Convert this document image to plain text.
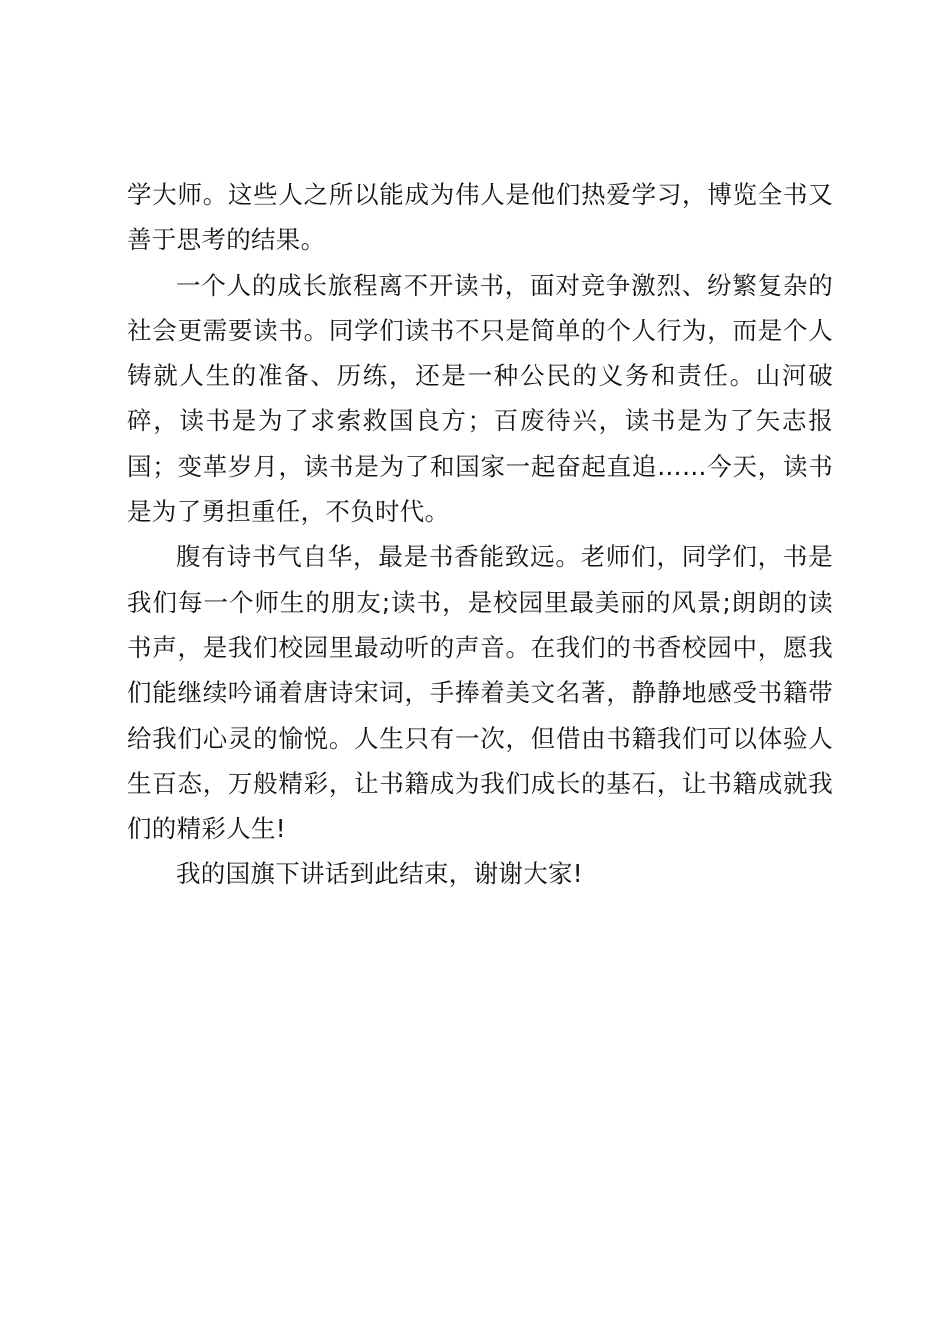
学大师。这些人之所以能成为伟人是他们热爱学习，博览全书又善于思考的结果。

一个人的成长旅程离不开读书，面对竞争激烈、纷繁复杂的社会更需要读书。同学们读书不只是简单的个人行为，而是个人铸就人生的准备、历练，还是一种公民的义务和责任。山河破碎，读书是为了求索救国良方；百废待兴，读书是为了矢志报国；变革岁月，读书是为了和国家一起奋起直追……今天，读书是为了勇担重任，不负时代。

腹有诗书气自华，最是书香能致远。老师们，同学们，书是我们每一个师生的朋友;读书，是校园里最美丽的风景;朗朗的读书声，是我们校园里最动听的声音。在我们的书香校园中，愿我们能继续吟诵着唐诗宋词，手捧着美文名著，静静地感受书籍带给我们心灵的愉悦。人生只有一次，但借由书籍我们可以体验人生百态，万般精彩，让书籍成为我们成长的基石，让书籍成就我们的精彩人生!

我的国旗下讲话到此结束，谢谢大家!
